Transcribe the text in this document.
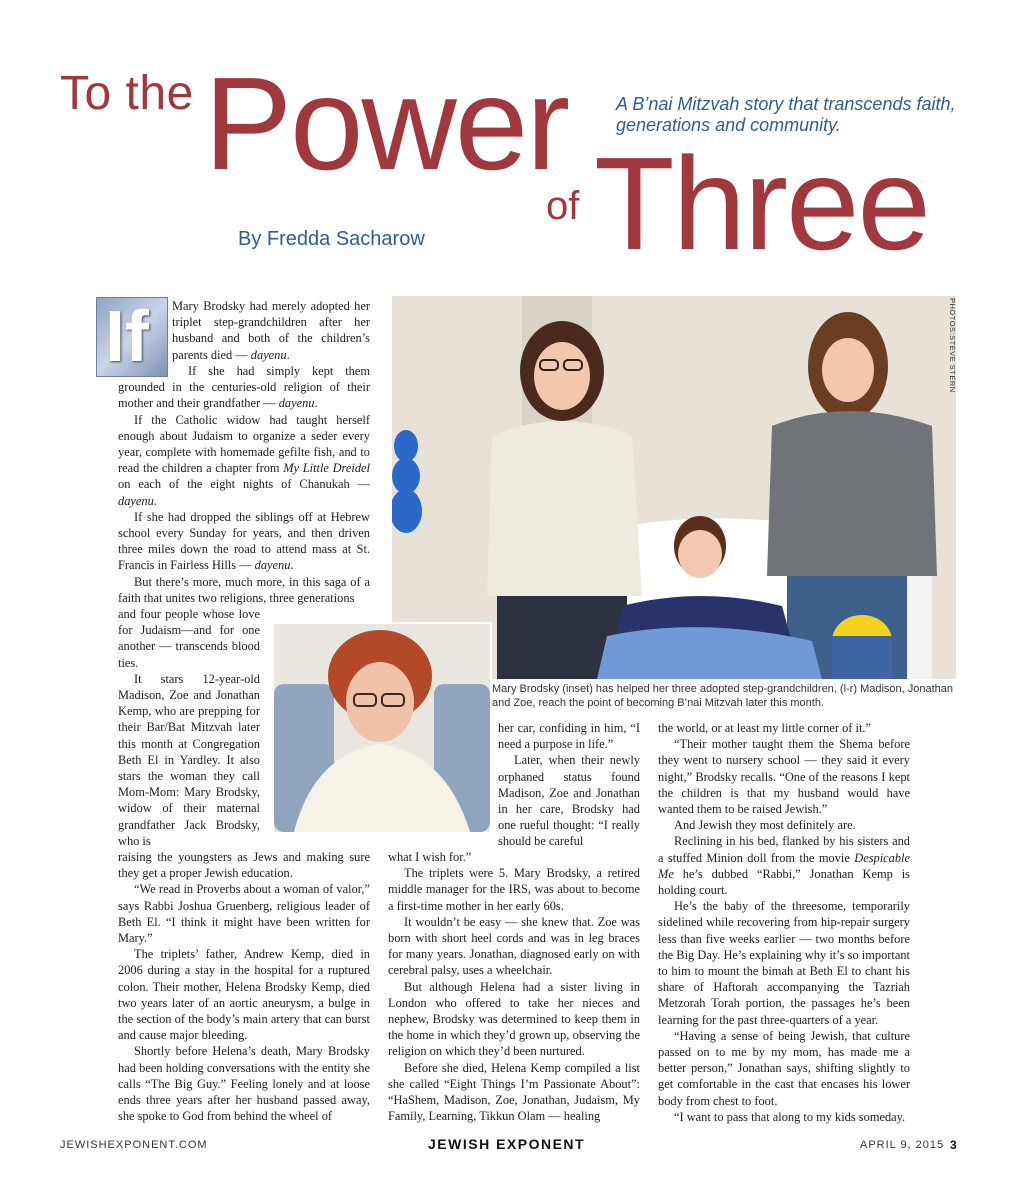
To the Power
of Three
A B’nai Mitzvah story that transcends faith, generations and community.
By Fredda Sacharow
If Mary Brodsky had merely adopted her triplet step-grandchildren after her husband and both of the children’s parents died — dayenu.

If she had simply kept them grounded in the centuries-old religion of their mother and their grandfather — dayenu.

If the Catholic widow had taught herself enough about Judaism to organize a seder every year, complete with homemade gefilte fish, and to read the children a chapter from My Little Dreidel on each of the eight nights of Chanukah — dayenu.

If she had dropped the siblings off at Hebrew school every Sunday for years, and then driven three miles down the road to attend mass at St. Francis in Fairless Hills — dayenu.

But there’s more, much more, in this saga of a faith that unites two religions, three generations

and four people whose love for Judaism—and for one another — transcends blood ties.

It stars 12-year-old Madison, Zoe and Jonathan Kemp, who are prepping for their Bar/Bat Mitzvah later this month at Congregation Beth El in Yardley. It also stars the woman they call Mom-Mom: Mary Brodsky, widow of their maternal grandfather Jack Brodsky, who is

raising the youngsters as Jews and making sure they get a proper Jewish education.

“We read in Proverbs about a woman of valor,” says Rabbi Joshua Gruenberg, religious leader of Beth El. “I think it might have been written for Mary.”

The triplets’ father, Andrew Kemp, died in 2006 during a stay in the hospital for a ruptured colon. Their mother, Helena Brodsky Kemp, died two years later of an aortic aneurysm, a bulge in the section of the body’s main artery that can burst and cause major bleeding.

Shortly before Helena’s death, Mary Brodsky had been holding conversations with the entity she calls “The Big Guy.” Feeling lonely and at loose ends three years after her husband passed away, she spoke to God from behind the wheel of

PHOTOS:STEVE STERN
Mary Brodsky (inset) has helped her three adopted step-grandchildren, (l-r) Madison, Jonathan and Zoe, reach the point of becoming B’nai Mitzvah later this month.

her car, confiding in him, “I need a purpose in life.”

Later, when their newly orphaned status found Madison, Zoe and Jonathan in her care, Brodsky had one rueful thought: “I really should be careful

what I wish for.”

The triplets were 5. Mary Brodsky, a retired middle manager for the IRS, was about to become a first-time mother in her early 60s.

It wouldn’t be easy — she knew that. Zoe was born with short heel cords and was in leg braces for many years. Jonathan, diagnosed early on with cerebral palsy, uses a wheelchair.

But although Helena had a sister living in London who offered to take her nieces and nephew, Brodsky was determined to keep them in the home in which they’d grown up, observing the religion on which they’d been nurtured.

Before she died, Helena Kemp compiled a list she called “Eight Things I’m Passionate About”: “HaShem, Madison, Zoe, Jonathan, Judaism, My Family, Learning, Tikkun Olam — healing

the world, or at least my little corner of it.”

“Their mother taught them the Shema before they went to nursery school — they said it every night,” Brodsky recalls. “One of the reasons I kept the children is that my husband would have wanted them to be raised Jewish.”

And Jewish they most definitely are.

Reclining in his bed, flanked by his sisters and a stuffed Minion doll from the movie Despicable Me he’s dubbed “Rabbi,” Jonathan Kemp is holding court.

He’s the baby of the threesome, temporarily sidelined while recovering from hip-repair surgery less than five weeks earlier — two months before the Big Day. He’s explaining why it’s so important to him to mount the bimah at Beth El to chant his share of Haftorah accompanying the Tazriah Metzorah Torah portion, the passages he’s been learning for the past three-quarters of a year.

“Having a sense of being Jewish, that culture passed on to me by my mom, has made me a better person,” Jonathan says, shifting slightly to get comfortable in the cast that encases his lower body from chest to foot.

“I want to pass that along to my kids someday.

JEWISHEXPONENT.COM	JEWISH EXPONENT	APRIL 9, 2015 3
